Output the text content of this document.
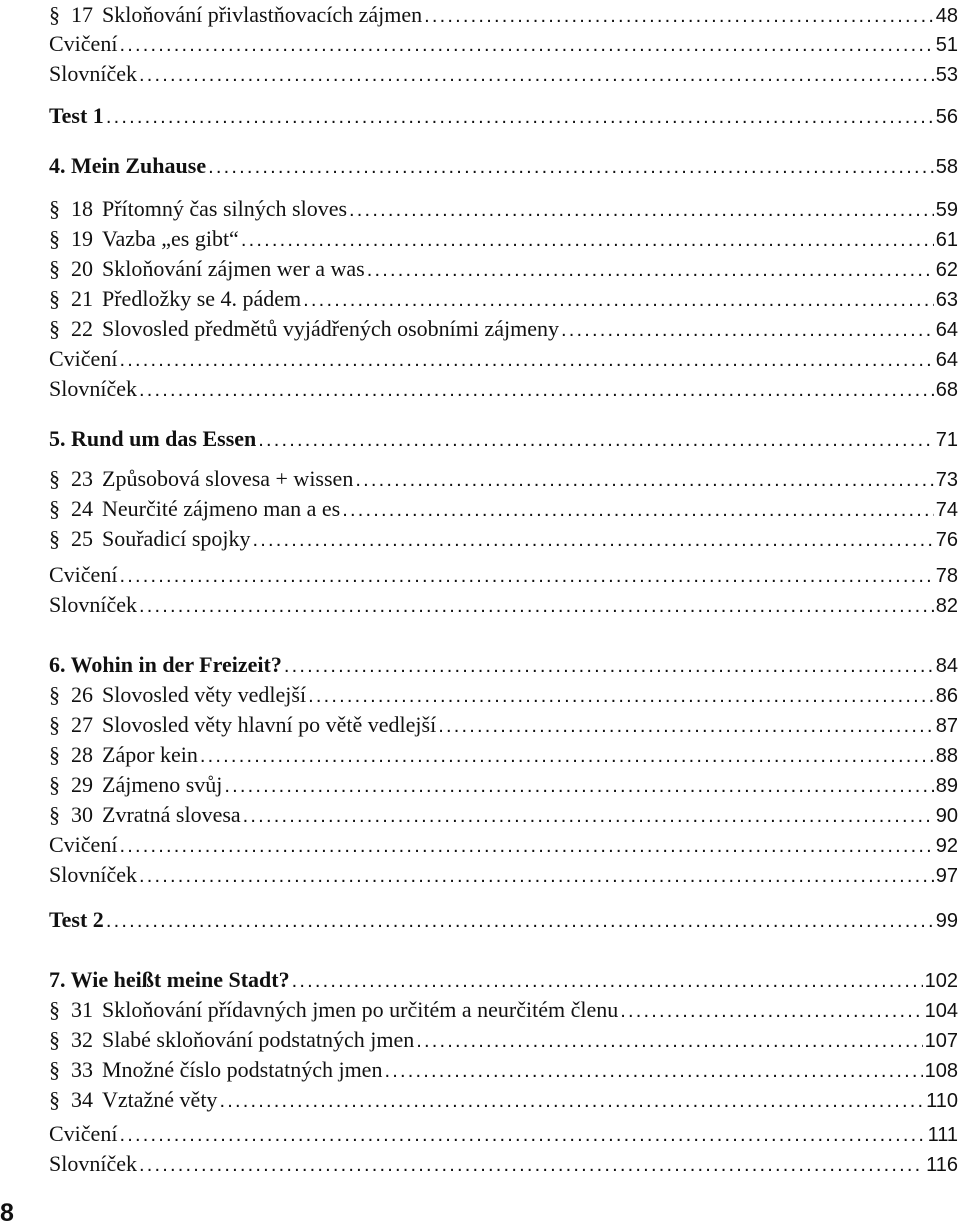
§ 17 Skloňování přivlastňovacích zájmen .....	48
Cvičení .....	51
Slovníček .....	53
Test 1 .....	56
4. Mein Zuhause .....	58
§ 18 Přítomný čas silných sloves .....	59
§ 19 Vazba „es gibt“ .....	61
§ 20 Skloňování zájmen wer a was .....	62
§ 21 Předložky se 4. pádem .....	63
§ 22 Slovosled předmětů vyjádřených osobními zájmeny .....	64
Cvičení .....	64
Slovníček .....	68
5. Rund um das Essen .....	71
§ 23 Způsobová slovesa + wissen .....	73
§ 24 Neurčité zájmeno man a es .....	74
§ 25 Souřadicí spojky .....	76
Cvičení .....	78
Slovníček .....	82
6. Wohin in der Freizeit? .....	84
§ 26 Slovosled věty vedlejší .....	86
§ 27 Slovosled věty hlavní po větě vedlejší .....	87
§ 28 Zápor kein .....	88
§ 29 Zájmeno svůj .....	89
§ 30 Zvratná slovesa .....	90
Cvičení .....	92
Slovníček .....	97
Test 2 .....	99
7. Wie heißt meine Stadt? .....	102
§ 31 Skloňování přídavných jmen po určitém a neurčitém členu .....	104
§ 32 Slabé skloňování podstatných jmen .....	107
§ 33 Množné číslo podstatných jmen .....	108
§ 34 Vztažné věty .....	110
Cvičení .....	111
Slovníček .....	116
8
